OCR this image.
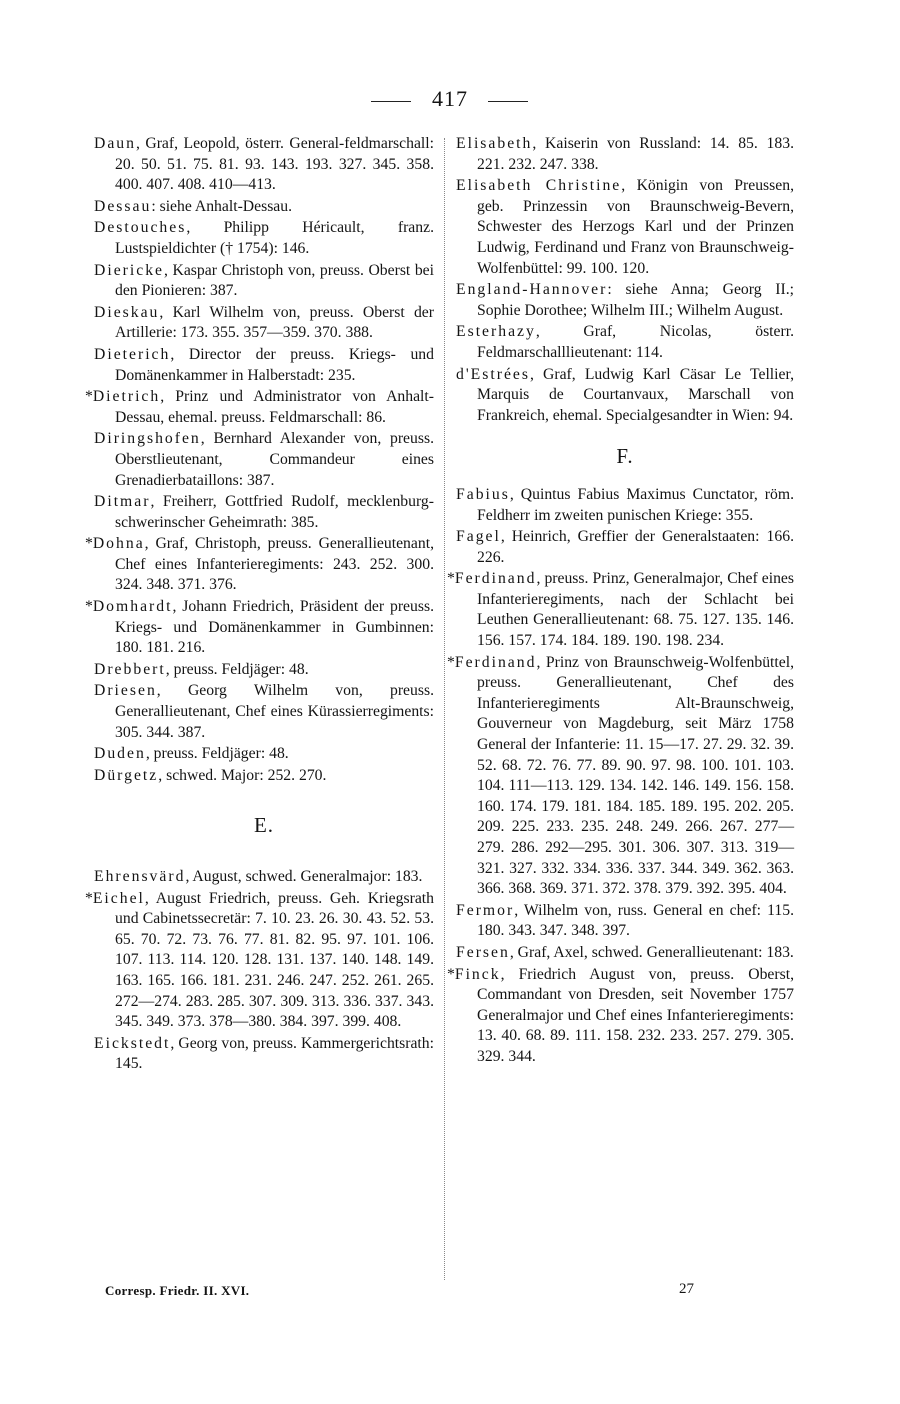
417
Daun, Graf, Leopold, österr. General-feldmarschall: 20. 50. 51. 75. 81. 93. 143. 193. 327. 345. 358. 400. 407. 408. 410—413.
Dessau: siehe Anhalt-Dessau.
Destouches, Philipp Héricault, franz. Lustspieldichter († 1754): 146.
Diericke, Kaspar Christoph von, preuss. Oberst bei den Pionieren: 387.
Dieskau, Karl Wilhelm von, preuss. Oberst der Artillerie: 173. 355. 357—359. 370. 388.
Dieterich, Director der preuss. Kriegs- und Domänenkammer in Halberstadt: 235.
*Dietrich, Prinz und Administrator von Anhalt-Dessau, ehemal. preuss. Feldmarschall: 86.
Diringshofen, Bernhard Alexander von, preuss. Oberstlieutenant, Commandeur eines Grenadierbataillons: 387.
Ditmar, Freiherr, Gottfried Rudolf, mecklenburg-schwerinscher Geheimrath: 385.
*Dohna, Graf, Christoph, preuss. Generallieutenant, Chef eines Infanterieregiments: 243. 252. 300. 324. 348. 371. 376.
*Domhardt, Johann Friedrich, Präsident der preuss. Kriegs- und Domänenkammer in Gumbinnen: 180. 181. 216.
Drebbert, preuss. Feldjäger: 48.
Driesen, Georg Wilhelm von, preuss. Generallieutenant, Chef eines Kürassierregiments: 305. 344. 387.
Duden, preuss. Feldjäger: 48.
Dürgetz, schwed. Major: 252. 270.
E.
Ehrensvärd, August, schwed. Generalmajor: 183.
*Eichel, August Friedrich, preuss. Geh. Kriegsrath und Cabinetssecretär: 7. 10. 23. 26. 30. 43. 52. 53. 65. 70. 72. 73. 76. 77. 81. 82. 95. 97. 101. 106. 107. 113. 114. 120. 128. 131. 137. 140. 148. 149. 163. 165. 166. 181. 231. 246. 247. 252. 261. 265. 272—274. 283. 285. 307. 309. 313. 336. 337. 343. 345. 349. 373. 378—380. 384. 397. 399. 408.
Eickstedt, Georg von, preuss. Kammergerichtsrath: 145.
Elisabeth, Kaiserin von Russland: 14. 85. 183. 221. 232. 247. 338.
Elisabeth Christine, Königin von Preussen, geb. Prinzessin von Braunschweig-Bevern, Schwester des Herzogs Karl und der Prinzen Ludwig, Ferdinand und Franz von Braunschweig-Wolfenbüttel: 99. 100. 120.
England-Hannover: siehe Anna; Georg II.; Sophie Dorothee; Wilhelm III.; Wilhelm August.
Esterhazy, Graf, Nicolas, österr. Feldmarschalllieutenant: 114.
d'Estrées, Graf, Ludwig Karl Cäsar Le Tellier, Marquis de Courtanvaux, Marschall von Frankreich, ehemal. Specialgesandter in Wien: 94.
F.
Fabius, Quintus Fabius Maximus Cunctator, röm. Feldherr im zweiten punischen Kriege: 355.
Fagel, Heinrich, Greffier der Generalstaaten: 166. 226.
*Ferdinand, preuss. Prinz, Generalmajor, Chef eines Infanterieregiments, nach der Schlacht bei Leuthen Generallieutenant: 68. 75. 127. 135. 146. 156. 157. 174. 184. 189. 190. 198. 234.
*Ferdinand, Prinz von Braunschweig-Wolfenbüttel, preuss. Generallieutenant, Chef des Infanterieregiments Alt-Braunschweig, Gouverneur von Magdeburg, seit März 1758 General der Infanterie: 11. 15—17. 27. 29. 32. 39. 52. 68. 72. 76. 77. 89. 90. 97. 98. 100. 101. 103. 104. 111—113. 129. 134. 142. 146. 149. 156. 158. 160. 174. 179. 181. 184. 185. 189. 195. 202. 205. 209. 225. 233. 235. 248. 249. 266. 267. 277—279. 286. 292—295. 301. 306. 307. 313. 319—321. 327. 332. 334. 336. 337. 344. 349. 362. 363. 366. 368. 369. 371. 372. 378. 379. 392. 395. 404.
Fermor, Wilhelm von, russ. General en chef: 115. 180. 343. 347. 348. 397.
Fersen, Graf, Axel, schwed. Generallieutenant: 183.
*Finck, Friedrich August von, preuss. Oberst, Commandant von Dresden, seit November 1757 Generalmajor und Chef eines Infanterieregiments: 13. 40. 68. 89. 111. 158. 232. 233. 257. 279. 305. 329. 344.
Corresp. Friedr. II. XVI.	27
